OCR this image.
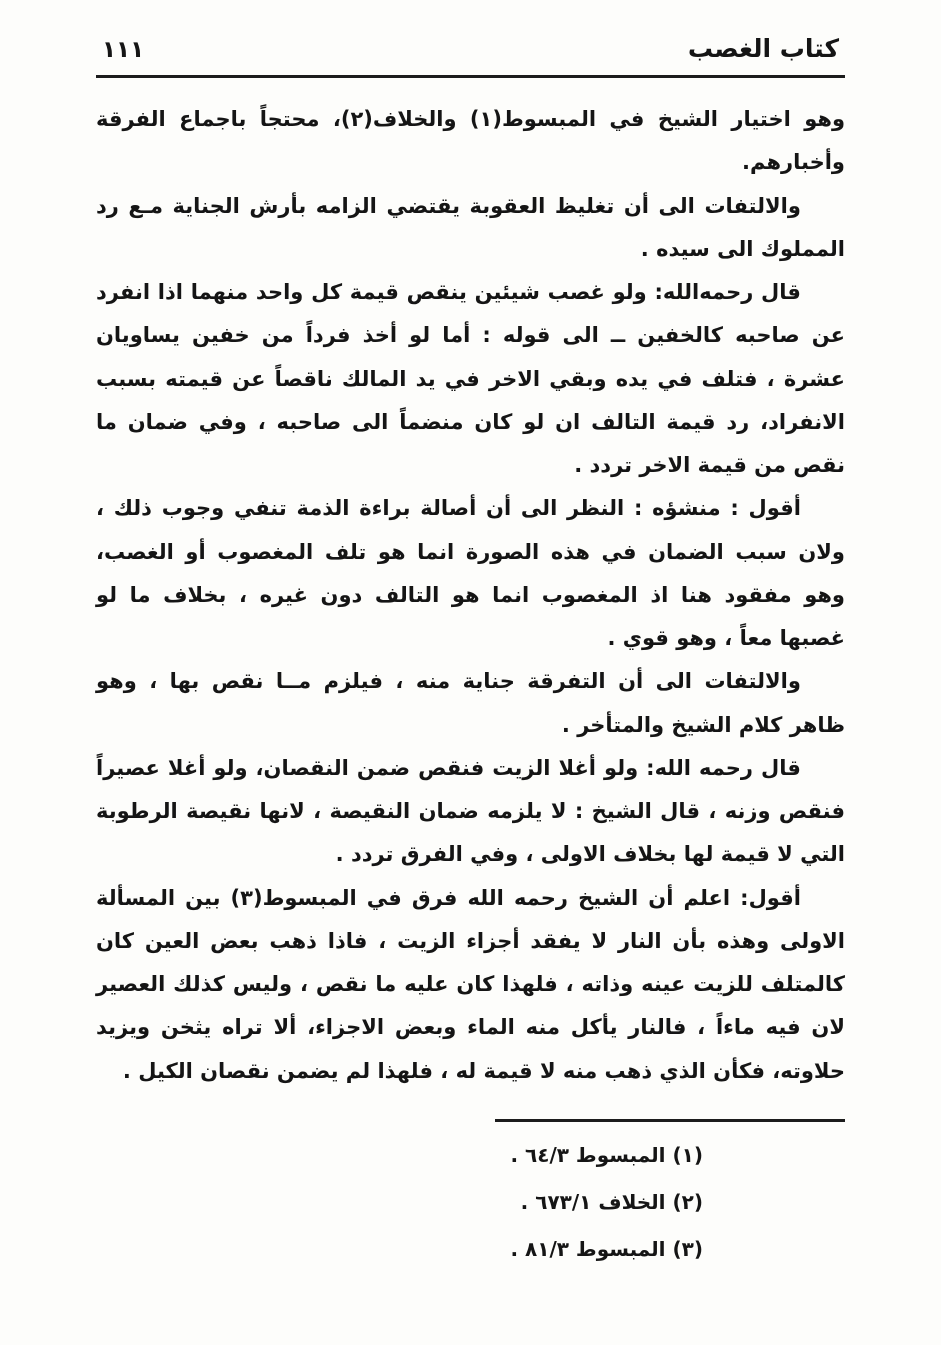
كتاب الغصب
١١١

وهو اختيار الشيخ في المبسوط(١) والخلاف(٢)، محتجاً باجماع الفرقة وأخبارهم.

والالتفات الى أن تغليظ العقوبة يقتضي الزامه بأرش الجناية مـع رد المملوك الى سيده .

قال رحمه‌الله: ولو غصب شيئين ينقص قيمة كل واحد منهما اذا انفرد عن صاحبه كالخفين ــ الى قوله : أما لو أخذ فرداً من خفين يساويان عشرة ، فتلف في يده وبقي الاخر في يد المالك ناقصاً عن قيمته بسبب الانفراد، رد قيمة التالف ان لو كان منضماً الى صاحبه ، وفي ضمان ما نقص من قيمة الاخر تردد .

أقول : منشؤه : النظر الى أن أصالة براءة الذمة تنفي وجوب ذلك ، ولان سبب الضمان في هذه الصورة انما هو تلف المغصوب أو الغصب، وهو مفقود هنا اذ المغصوب انما هو التالف دون غيره ، بخلاف ما لو غصبها معاً ، وهو قوي .

والالتفات الى أن التفرقة جناية منه ، فيلزم مــا نقص بها ، وهو ظاهر كلام الشيخ والمتأخر .

قال رحمه الله: ولو أغلا الزيت فنقص ضمن النقصان، ولو أغلا عصيراً فنقص وزنه ، قال الشيخ : لا يلزمه ضمان النقيصة ، لانها نقيصة الرطوبة التي لا قيمة لها بخلاف الاولى ، وفي الفرق تردد .

أقول: اعلم أن الشيخ رحمه الله فرق في المبسوط(٣) بين المسألة الاولى وهذه بأن النار لا يفقد أجزاء الزيت ، فاذا ذهب بعض العين كان كالمتلف للزيت عينه وذاته ، فلهذا كان عليه ما نقص ، وليس كذلك العصير لان فيه ماءاً ، فالنار يأكل منه الماء وبعض الاجزاء، ألا تراه يثخن ويزيد حلاوته، فكأن الذي ذهب منه لا قيمة له ، فلهذا لم يضمن نقصان الكيل .

(١) المبسوط ٦٤/٣ .

(٢) الخلاف ٦٧٣/١ .

(٣) المبسوط ٨١/٣ .
